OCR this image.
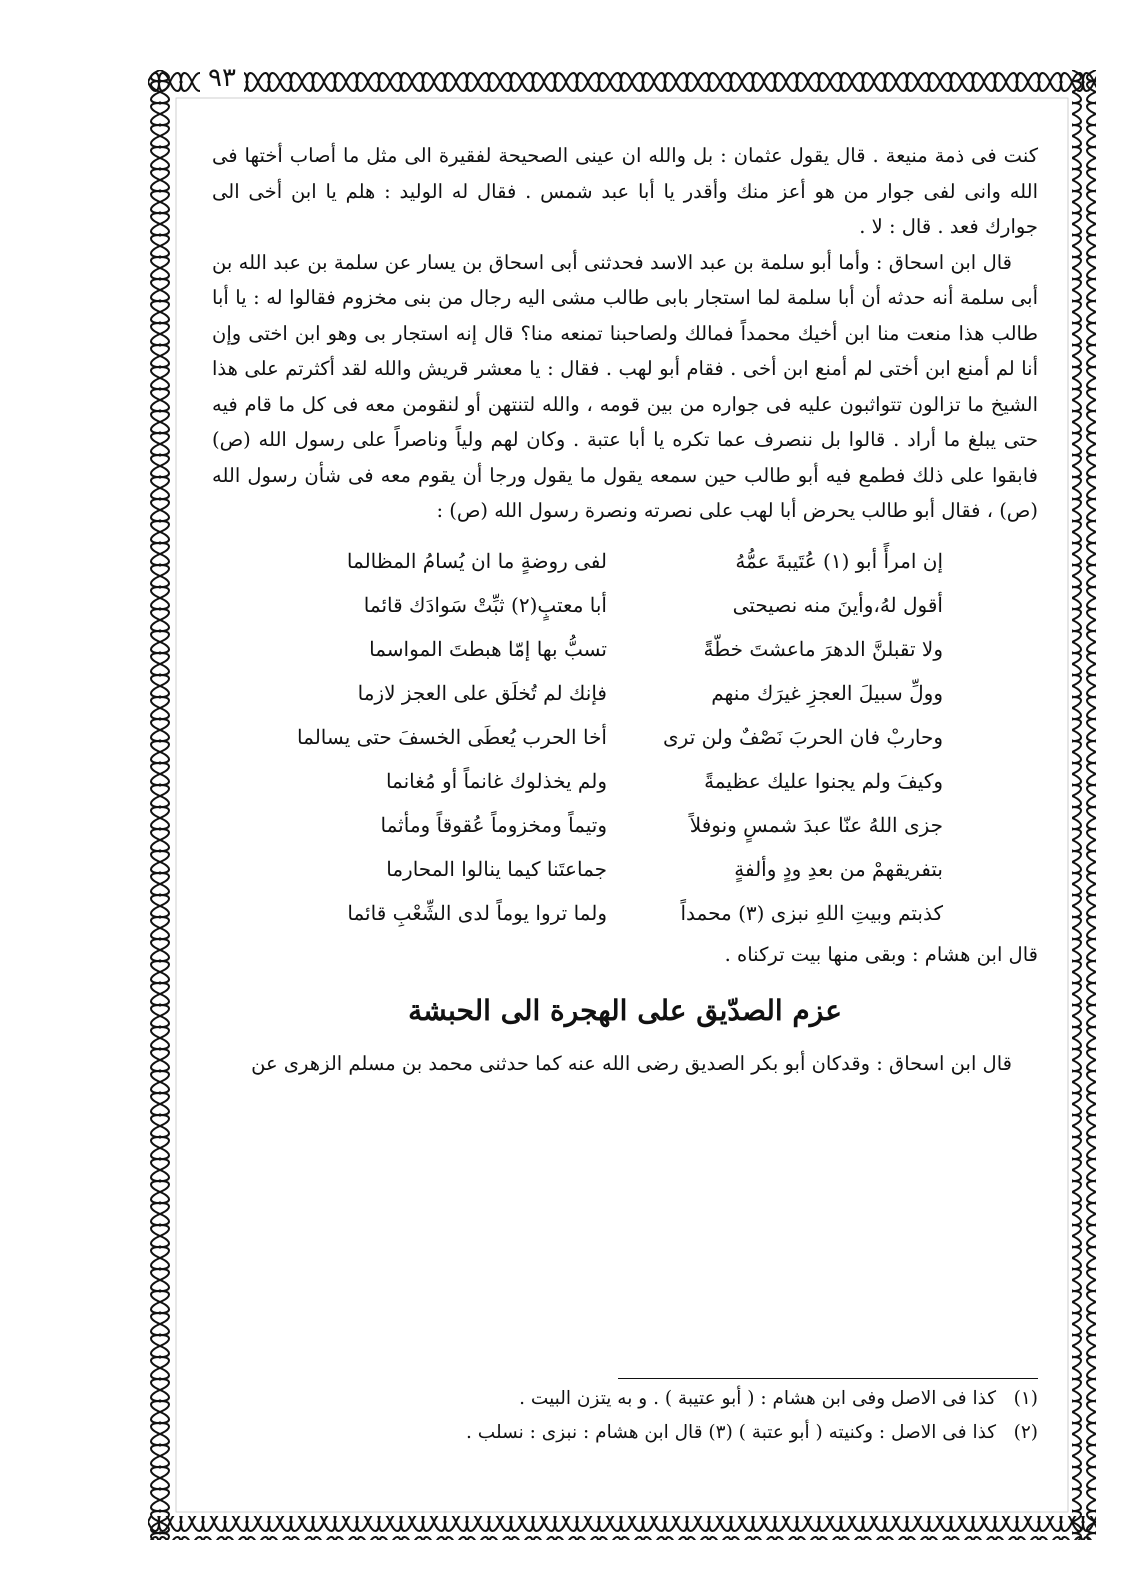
٩٣

كنت فى ذمة منيعة . قال يقول عثمان : بل والله ان عينى الصحيحة لفقيرة الى مثل ما أصاب أختها فى الله وانى لفى جوار من هو أعز منك وأقدر يا أبا عبد شمس . فقال له الوليد : هلم يا ابن أخى الى جوارك فعد . قال : لا .

قال ابن اسحاق : وأما أبو سلمة بن عبد الاسد فحدثنى أبى اسحاق بن يسار عن سلمة بن عبد الله بن أبى سلمة أنه حدثه أن أبا سلمة لما استجار بابى طالب مشى اليه رجال من بنى مخزوم فقالوا له : يا أبا طالب هذا منعت منا ابن أخيك محمداً فمالك ولصاحبنا تمنعه منا؟ قال إنه استجار بى وهو ابن اختى وإن أنا لم أمنع ابن أختى لم أمنع ابن أخى . فقام أبو لهب . فقال : يا معشر قريش والله لقد أكثرتم على هذا الشيخ ما تزالون تتواثبون عليه فى جواره من بين قومه ، والله لتنتهن أو لنقومن معه فى كل ما قام فيه حتى يبلغ ما أراد . قالوا بل ننصرف عما تكره يا أبا عتبة . وكان لهم ولياً وناصراً على رسول الله (ص) فابقوا على ذلك فطمع فيه أبو طالب حين سمعه يقول ما يقول ورجا أن يقوم معه فى شأن رسول الله (ص) ، فقال أبو طالب يحرض أبا لهب على نصرته ونصرة رسول الله (ص) :

إن امرأً أبو (١) عُتَيبةَ عمُّهُ
لفى روضةٍ ما ان يُسامُ المظالما
أقول لهُ،وأينَ منه نصيحتى
أبا معتبٍ(٢) ثبِّتْ سَوادَك قائما
ولا تقبلنَّ الدهرَ ماعشتَ خطّةً
تسبُّ بها إمّا هبطتَ المواسما
وولِّ سبيلَ العجزِ غيرَك منهم
فإنك لم تُخلَق على العجز لازما
وحاربْ فان الحربَ نَصْفٌ ولن ترى
أخا الحرب يُعطَى الخسفَ حتى يسالما
وكيفَ ولم يجنوا عليك عظيمةً
ولم يخذلوك غانماً أو مُغانما
جزى اللهُ عنّا عبدَ شمسٍ ونوفلاً
وتيماً ومخزوماً عُقوقاً ومأثما
بتفريقهمْ من بعدِ ودٍ وألفةٍ
جماعتَنا كيما ينالوا المحارما
كذبتم وبيتِ اللهِ نبزى (٣) محمداً
ولما تروا يوماً لدى الشِّعْبِ قائما

قال ابن هشام : وبقى منها بيت تركناه .

عزم الصدّيق على الهجرة الى الحبشة

قال ابن اسحاق : وقدكان أبو بكر الصديق رضى الله عنه كما حدثنى محمد بن مسلم الزهرى عن

(١) كذا فى الاصل وفى ابن هشام : ( أبو عتيبة ) . و به يتزن البيت .

(٢) كذا فى الاصل : وكنيته ( أبو عتبة ) (٣) قال ابن هشام : نبزى : نسلب .
